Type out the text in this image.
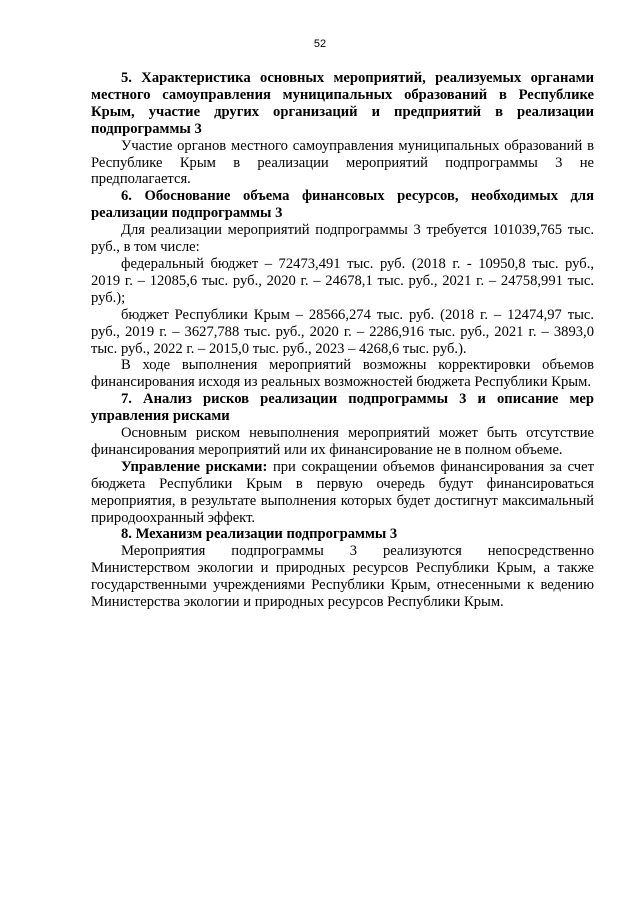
52

5. Характеристика основных мероприятий, реализуемых органами местного самоуправления муниципальных образований в Республике Крым, участие других организаций и предприятий в реализации подпрограммы 3

Участие органов местного самоуправления муниципальных образований в Республике Крым в реализации мероприятий подпрограммы 3 не предполагается.

6. Обоснование объема финансовых ресурсов, необходимых для реализации подпрограммы 3

Для реализации мероприятий подпрограммы 3 требуется 101039,765 тыс. руб., в том числе:

федеральный бюджет – 72473,491 тыс. руб. (2018 г. - 10950,8 тыс. руб., 2019 г. – 12085,6 тыс. руб., 2020 г. – 24678,1 тыс. руб., 2021 г. – 24758,991 тыс. руб.);

бюджет Республики Крым – 28566,274 тыс. руб. (2018 г. – 12474,97 тыс. руб., 2019 г. – 3627,788 тыс. руб., 2020 г. – 2286,916 тыс. руб., 2021 г. – 3893,0 тыс. руб., 2022 г. – 2015,0 тыс. руб., 2023 – 4268,6 тыс. руб.).

В ходе выполнения мероприятий возможны корректировки объемов финансирования исходя из реальных возможностей бюджета Республики Крым.

7. Анализ рисков реализации подпрограммы 3 и описание мер управления рисками

Основным риском невыполнения мероприятий может быть отсутствие финансирования мероприятий или их финансирование не в полном объеме.

Управление рисками: при сокращении объемов финансирования за счет бюджета Республики Крым в первую очередь будут финансироваться мероприятия, в результате выполнения которых будет достигнут максимальный природоохранный эффект.

8. Механизм реализации подпрограммы 3

Мероприятия подпрограммы 3 реализуются непосредственно Министерством экологии и природных ресурсов Республики Крым, а также государственными учреждениями Республики Крым, отнесенными к ведению Министерства экологии и природных ресурсов Республики Крым.
